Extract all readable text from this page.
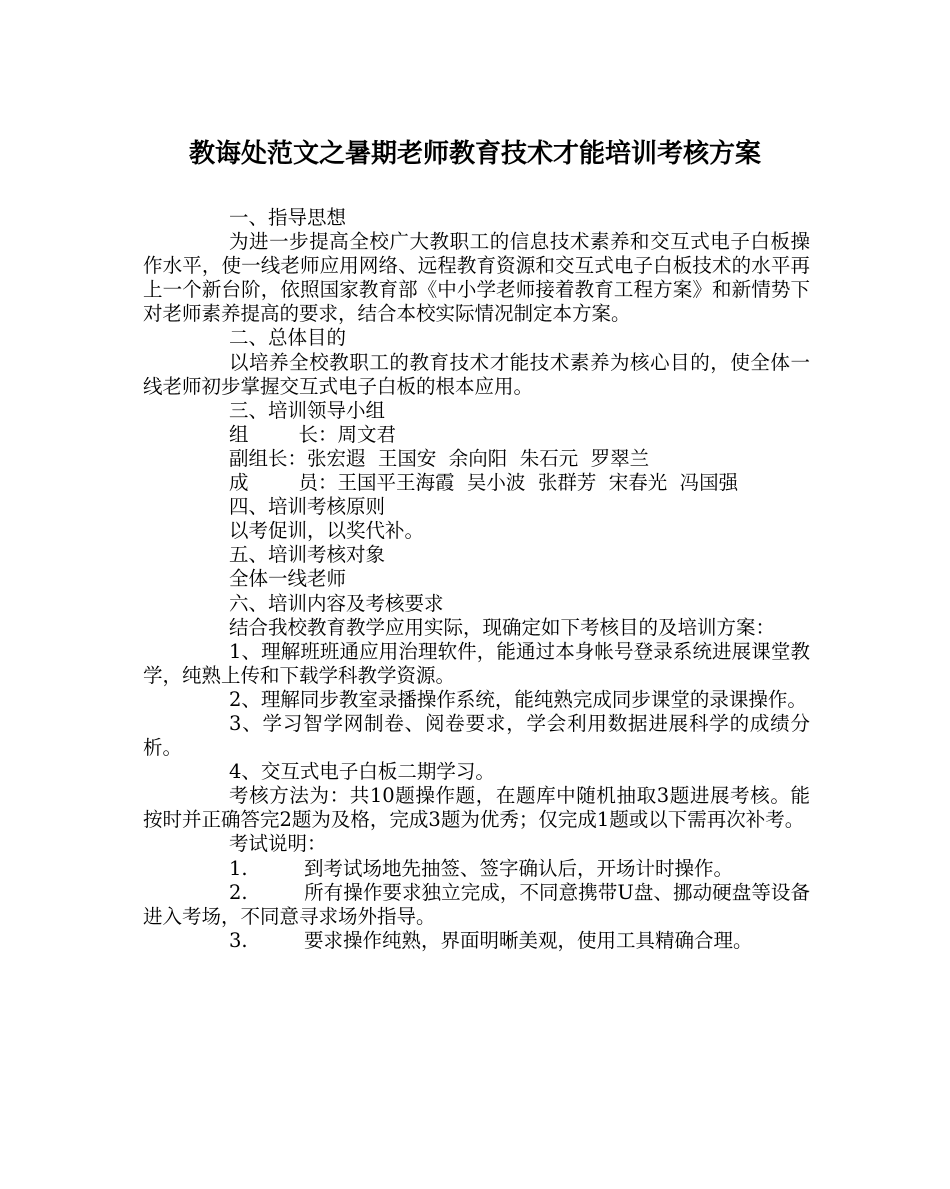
教诲处范文之暑期老师教育技术才能培训考核方案

一、指导思想

为进一步提高全校广大教职工的信息技术素养和交互式电子白板操作水平，使一线老师应用网络、远程教育资源和交互式电子白板技术的水平再上一个新台阶，依照国家教育部《中小学老师接着教育工程方案》和新情势下对老师素养提高的要求，结合本校实际情况制定本方案。

二、总体目的

以培养全校教职工的教育技术才能技术素养为核心目的，使全体一线老师初步掌握交互式电子白板的根本应用。

三、培训领导小组

组	长：周文君

副组长：张宏遐  王国安  余向阳  朱石元  罗翠兰

成	员：王国平王海霞  吴小波  张群芳  宋春光  冯国强

四、培训考核原则

以考促训，以奖代补。

五、培训考核对象

全体一线老师

六、培训内容及考核要求

结合我校教育教学应用实际，现确定如下考核目的及培训方案：

1、理解班班通应用治理软件，能通过本身帐号登录系统进展课堂教学，纯熟上传和下载学科教学资源。

2、理解同步教室录播操作系统，能纯熟完成同步课堂的录课操作。

3、学习智学网制卷、阅卷要求，学会利用数据进展科学的成绩分析。

4、交互式电子白板二期学习。

考核方法为：共10题操作题，在题库中随机抽取3题进展考核。能按时并正确答完2题为及格，完成3题为优秀；仅完成1题或以下需再次补考。

考试说明：

1.	到考试场地先抽签、签字确认后，开场计时操作。

2.	所有操作要求独立完成，不同意携带U盘、挪动硬盘等设备进入考场，不同意寻求场外指导。

3.	要求操作纯熟，界面明晰美观，使用工具精确合理。
